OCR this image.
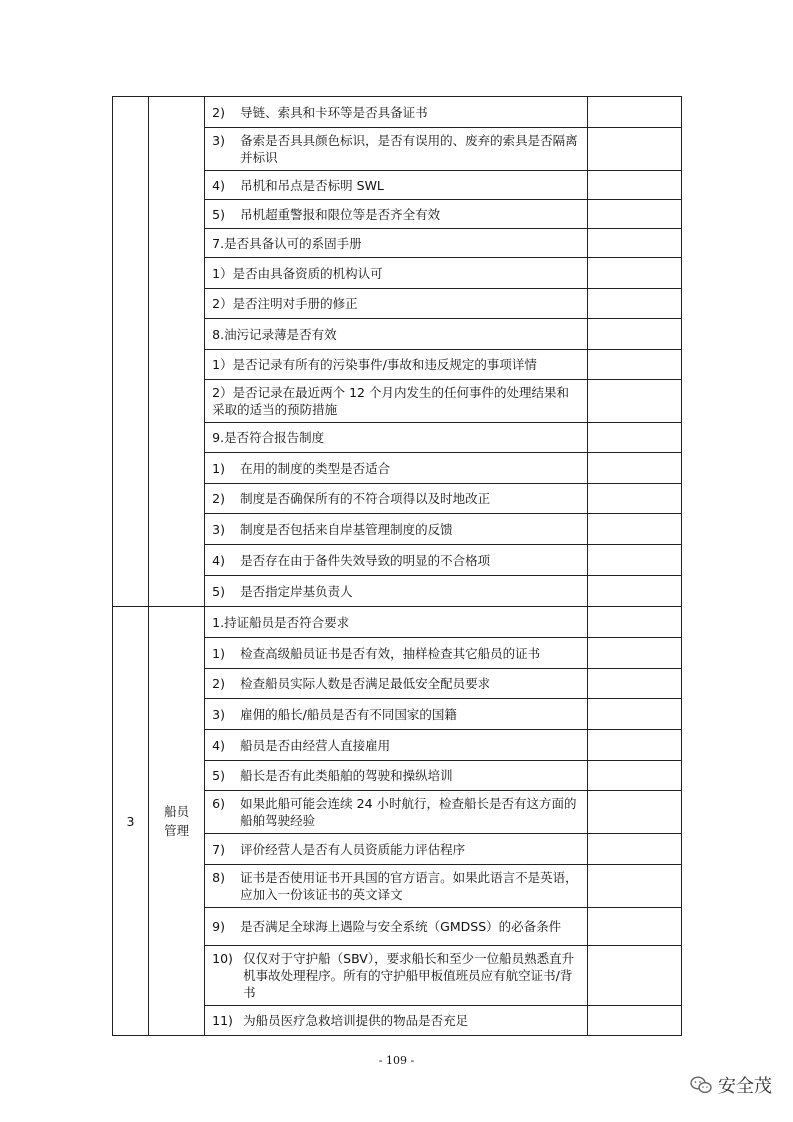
		2) 导链、索具和卡环等是否具备证书	

		3) 备索是否具具颜色标识，是否有误用的、废弃的索具是否隔离并标识	

		4) 吊机和吊点是否标明 SWL	

		5) 吊机超重警报和限位等是否齐全有效	

		7.是否具备认可的系固手册	

		1）是否由具备资质的机构认可	

		2）是否注明对手册的修正	

		8.油污记录薄是否有效	

		1）是否记录有所有的污染事件/事故和违反规定的事项详情	

		2）是否记录在最近两个 12 个月内发生的任何事件的处理结果和采取的适当的预防措施	

		9.是否符合报告制度	

		1) 在用的制度的类型是否适合	

		2) 制度是否确保所有的不符合项得以及时地改正	

		3) 制度是否包括来自岸基管理制度的反馈	

		4) 是否存在由于备件失效导致的明显的不合格项	

		5) 是否指定岸基负责人	

3	船员管理	1.持证船员是否符合要求	

		1) 检查高级船员证书是否有效，抽样检查其它船员的证书	

		2) 检查船员实际人数是否满足最低安全配员要求	

		3) 雇佣的船长/船员是否有不同国家的国籍	

		4) 船员是否由经营人直接雇用	

		5) 船长是否有此类船舶的驾驶和操纵培训	

		6) 如果此船可能会连续 24 小时航行，检查船长是否有这方面的船舶驾驶经验	

		7) 评价经营人是否有人员资质能力评估程序	

		8) 证书是否使用证书开具国的官方语言。如果此语言不是英语，应加入一份该证书的英文译文	

		9) 是否满足全球海上遇险与安全系统（GMDSS）的必备条件	

		10) 仅仅对于守护船（SBV），要求船长和至少一位船员熟悉直升机事故处理程序。所有的守护船甲板值班员应有航空证书/背书	

		11) 为船员医疗急救培训提供的物品是否充足	

- 109 -
安全茂
